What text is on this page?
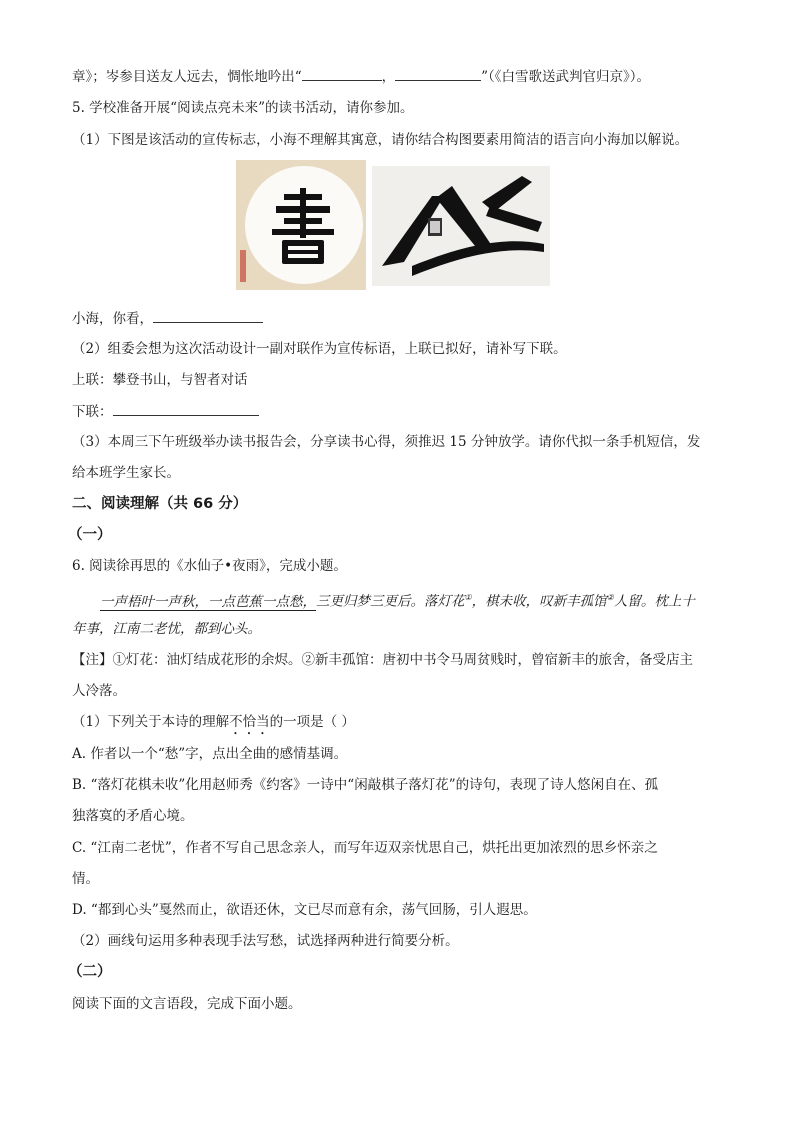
章》；岑参目送友人远去，惆怅地吟出“	，	”（《白雪歌送武判官归京》）。
5. 学校准备开展“阅读点亮未来”的读书活动，请你参加。
（1）下图是该活动的宣传标志，小海不理解其寓意，请你结合构图要素用简洁的语言向小海加以解说。
小海，你看，
（2）组委会想为这次活动设计一副对联作为宣传标语，上联已拟好，请补写下联。
上联：攀登书山，与智者对话
下联：
（3）本周三下午班级举办读书报告会，分享读书心得，须推迟 15 分钟放学。请你代拟一条手机短信，发
给本班学生家长。
二、阅读理解（共 66 分）
（一）
6. 阅读徐再思的《水仙子•夜雨》，完成小题。
一声梧叶一声秋，一点芭蕉一点愁，三更归梦三更后。落灯花①，棋未收，叹新丰孤馆②人留。枕上十
年事，江南二老忧，都到心头。
【注】①灯花：油灯结成花形的余烬。②新丰孤馆：唐初中书令马周贫贱时，曾宿新丰的旅舍，备受店主
人冷落。
（1）下列关于本诗的理解不恰当的一项是（ ）
A. 作者以一个“愁”字，点出全曲的感情基调。
B. “落灯花棋未收”化用赵师秀《约客》一诗中“闲敲棋子落灯花”的诗句，表现了诗人悠闲自在、孤
独落寞的矛盾心境。
C. “江南二老忧”，作者不写自己思念亲人，而写年迈双亲忧思自己，烘托出更加浓烈的思乡怀亲之
情。
D. “都到心头”戛然而止，欲语还休，文已尽而意有余，荡气回肠，引人遐思。
（2）画线句运用多种表现手法写愁，试选择两种进行简要分析。
（二）
阅读下面的文言语段，完成下面小题。
